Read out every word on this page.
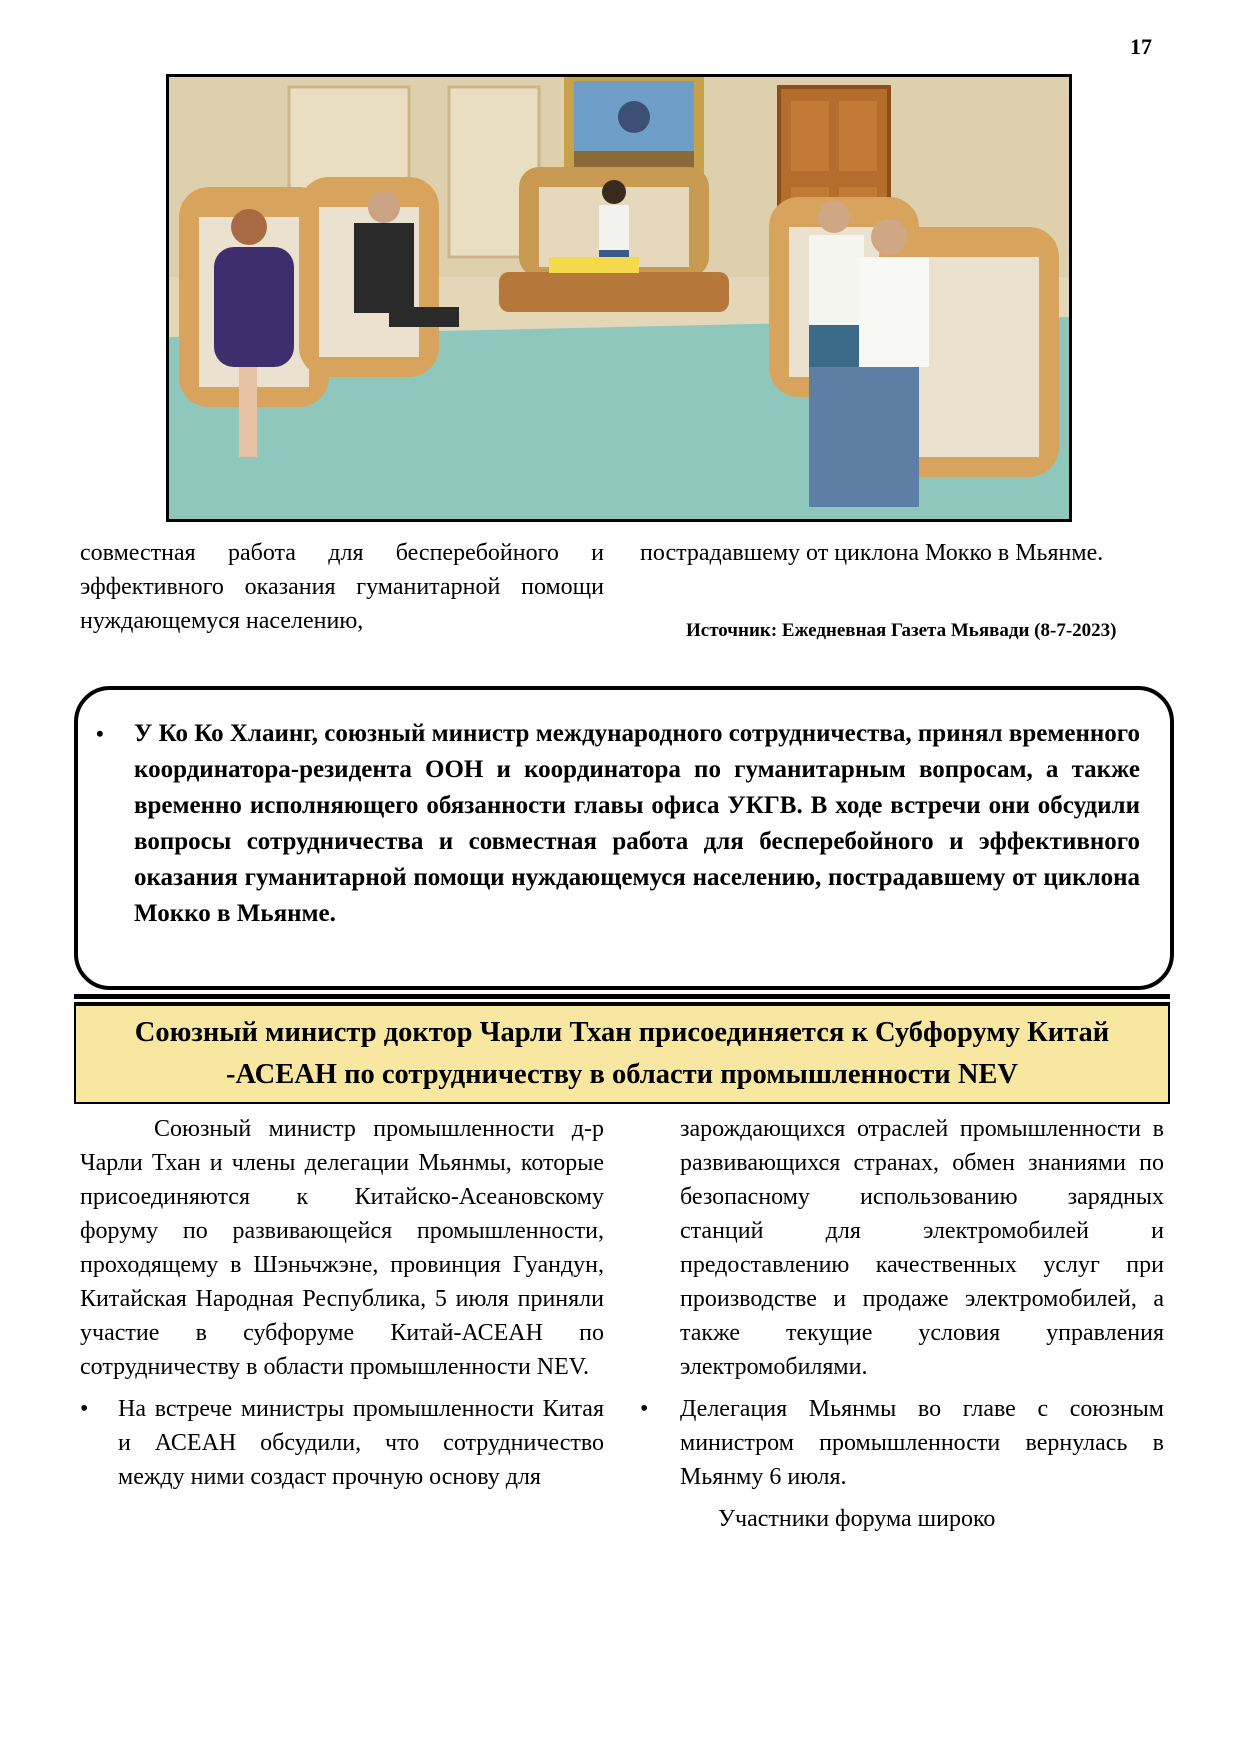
17

совместная работа для бесперебойного и эффективного оказания гуманитарной помощи нуждающемуся населению,

пострадавшему от циклона Мокко в Мьянме.

Источник: Ежедневная Газета Мьявади (8-7-2023)
• У Ко Ко Хлаинг, союзный министр международного сотрудничества, принял временного координатора-резидента ООН и координатора по гуманитарным вопросам, а также временно исполняющего обязанности главы офиса УКГВ. В ходе встречи они обсудили вопросы сотрудничества и совместная работа для бесперебойного и эффективного оказания гуманитарной помощи нуждающемуся населению, пострадавшему от циклона Мокко в Мьянме.
Союзный министр доктор Чарли Тхан присоединяется к Субфоруму Китай -АСЕАН по сотрудничеству в области промышленности NEV

Союзный министр промышленности д-р Чарли Тхан и члены делегации Мьянмы, которые присоединяются к Китайско-Асеановскому форуму по развивающейся промышленности, проходящему в Шэньчжэне, провинция Гуандун, Китайская Народная Республика, 5 июля приняли участие в субфоруме Китай-АСЕАН по сотрудничеству в области промышленности NEV.

• На встрече министры промышленности Китая и АСЕАН обсудили, что сотрудничество между ними создаст прочную основу для

зарождающихся отраслей промышленности в развивающихся странах, обмен знаниями по безопасному использованию зарядных станций для электромобилей и предоставлению качественных услуг при производстве и продаже электромобилей, а также текущие условия управления электромобилями.

• Делегация Мьянмы во главе с союзным министром промышленности вернулась в Мьянму 6 июля.

Участники форума широко
